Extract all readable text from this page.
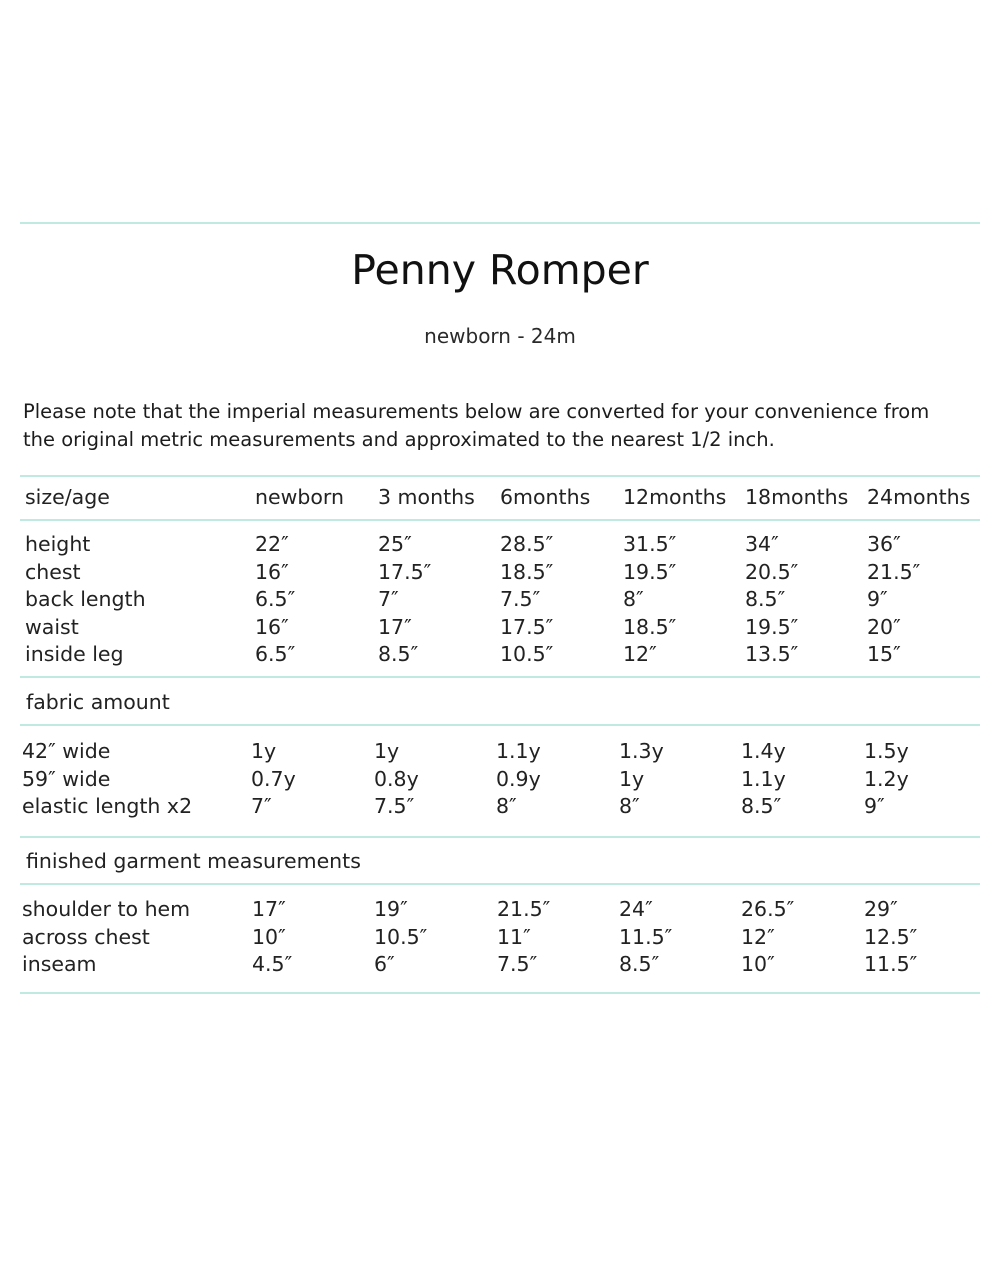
Penny Romper
newborn - 24m
Please note that the imperial measurements below are converted for your convenience from
the original metric measurements and approximated to the nearest 1/2 inch.
size/age	newborn 3 months 6months 12months 18months 24months
height	22″	25″	28.5″	31.5″	34″	36″
chest	16″	17.5″	18.5″	19.5″	20.5″	21.5″
back length	6.5″	7″	7.5″	8″	8.5″	9″
waist	16″	17″	17.5″	18.5″	19.5″	20″
inside leg	6.5″	8.5″	10.5″	12″	13.5″	15″
42″ wide	1y	1y	1.1y	1.3y	1.4y	1.5y
59″ wide	0.7y	0.8y	0.9y	1y	1.1y	1.2y
elastic length x2	7″	7.5″	8″	8″	8.5″	9″
shoulder to hem	17″	19″	21.5″	24″	26.5″	29″
across chest	10″	10.5″	11″	11.5″	12″	12.5″
inseam	4.5″	6″	7.5″	8.5″	10″	11.5″
fabric amount
finished garment measurements
